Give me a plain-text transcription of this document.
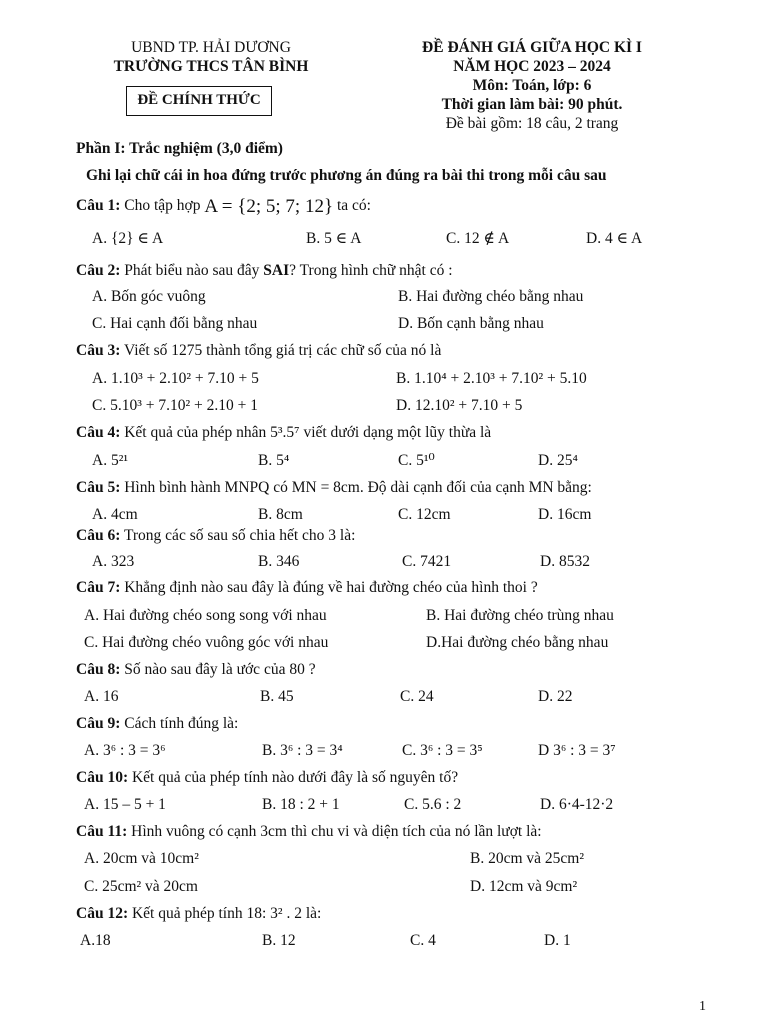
UBND TP. HẢI DƯƠNG
TRƯỜNG THCS TÂN BÌNH
ĐỀ CHÍNH THỨC
ĐỀ ĐÁNH GIÁ GIỮA HỌC KÌ I
NĂM HỌC 2023 – 2024
Môn: Toán, lớp: 6
Thời gian làm bài: 90 phút.
Đề bài gồm: 18 câu, 2 trang
Phần I: Trắc nghiệm (3,0 điểm)
Ghi lại chữ cái in hoa đứng trước phương án đúng ra bài thi trong mỗi câu sau
Câu 1: Cho tập hợp A = {2; 5; 7; 12} ta có:
A. {2} ∈ A	B. 5 ∈ A	C. 12 ∉ A	D. 4 ∈ A
Câu 2: Phát biểu nào sau đây SAI? Trong hình chữ nhật có :
A. Bốn góc vuông	B. Hai đường chéo bằng nhau
C. Hai cạnh đối bằng nhau	D. Bốn cạnh bằng nhau
Câu 3: Viết số 1275 thành tổng giá trị các chữ số của nó là
A. 1.10³ + 2.10² + 7.10 + 5	B. 1.10⁴ + 2.10³ + 7.10² + 5.10
C. 5.10³ + 7.10² + 2.10 + 1	D. 12.10² + 7.10 + 5
Câu 4: Kết quả của phép nhân 5³.5⁷ viết dưới dạng một lũy thừa là
A. 5²¹	B. 5⁴	C. 5¹⁰	D. 25⁴
Câu 5: Hình bình hành MNPQ có MN = 8cm. Độ dài cạnh đối của cạnh MN bằng:
A. 4cm	B. 8cm	C. 12cm	D. 16cm
Câu 6: Trong các số sau số chia hết cho 3 là:
A. 323	B. 346	C. 7421	D. 8532
Câu 7: Khẳng định nào sau đây là đúng về hai đường chéo của hình thoi ?
A. Hai đường chéo song song với nhau	B. Hai đường chéo trùng nhau
C. Hai đường chéo vuông góc với nhau	D.Hai đường chéo bằng nhau
Câu 8: Số nào sau đây là ước của 80 ?
A. 16	B. 45	C. 24	D. 22
Câu 9: Cách tính đúng là:
A. 3⁶ : 3 = 3⁶	B. 3⁶ : 3 = 3⁴	C. 3⁶ : 3 = 3⁵	D 3⁶ : 3 = 3⁷
Câu 10: Kết quả của phép tính nào dưới đây là số nguyên tố?
A. 15 – 5 + 1	B. 18 : 2 + 1	C. 5.6 : 2	D. 6·4-12·2
Câu 11: Hình vuông có cạnh 3cm thì chu vi và diện tích của nó lần lượt là:
A. 20cm và 10cm²	B. 20cm và 25cm²
C. 25cm² và 20cm	D. 12cm và 9cm²
Câu 12: Kết quả phép tính 18: 3² . 2 là:
A.18	B. 12	C. 4	D. 1
1
